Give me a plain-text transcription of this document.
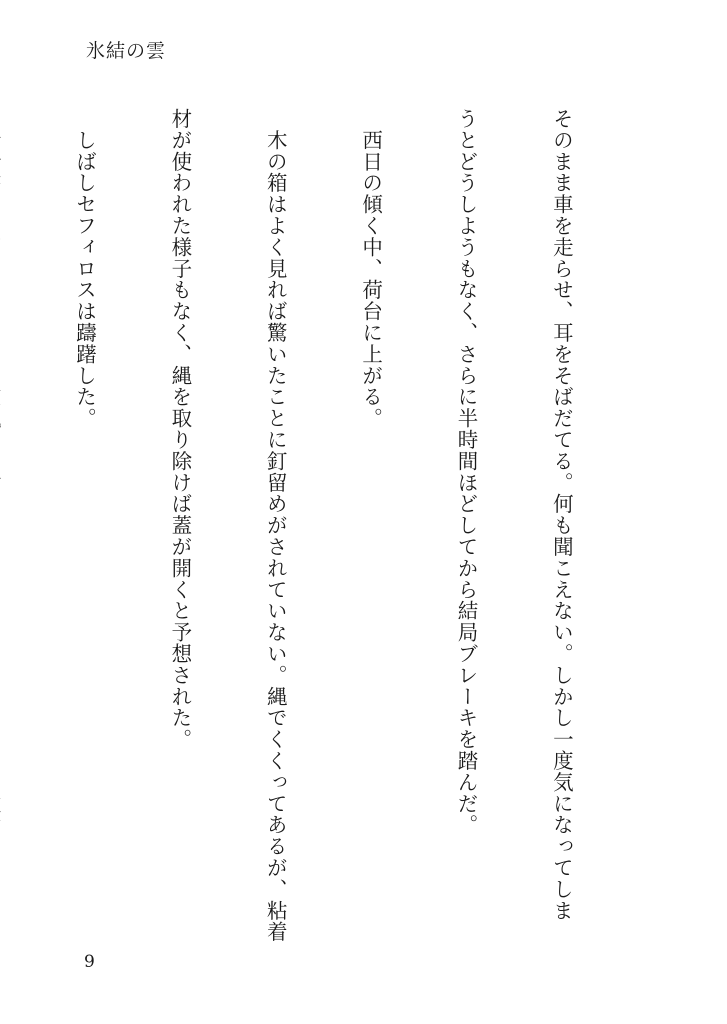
氷結の雲

そのまま車を走らせ、耳をそばだてる。何も聞こえない。しかし一度気になってしま

うとどうしようもなく、さらに半時間ほどしてから結局ブレーキを踏んだ。

　西日の傾く中、荷台に上がる。

　木の箱はよく見れば驚いたことに釘留めがされていない。縄でくくってあるが、粘着

材が使われた様子もなく、縄を取り除けば蓋が開くと予想された。

　しばしセフィロスは躊躇した。

9
